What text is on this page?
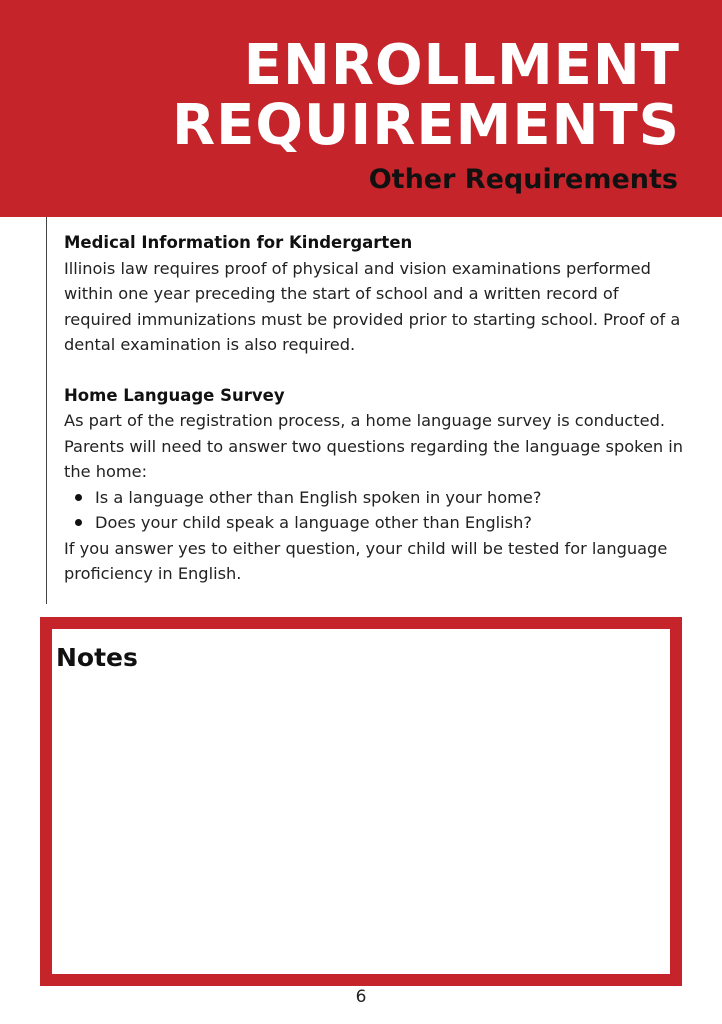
ENROLLMENT
REQUIREMENTS
Other Requirements
Medical Information for Kindergarten

Illinois law requires proof of physical and vision examinations performed within one year preceding the start of school and a written record of required immunizations must be provided prior to starting school. Proof of a dental examination is also required.

Home Language Survey

As part of the registration process, a home language survey is conducted. Parents will need to answer two questions regarding the language spoken in the home:

Is a language other than English spoken in your home?
Does your child speak a language other than English?

If you answer yes to either question, your child will be tested for language proficiency in English.

Notes
6
